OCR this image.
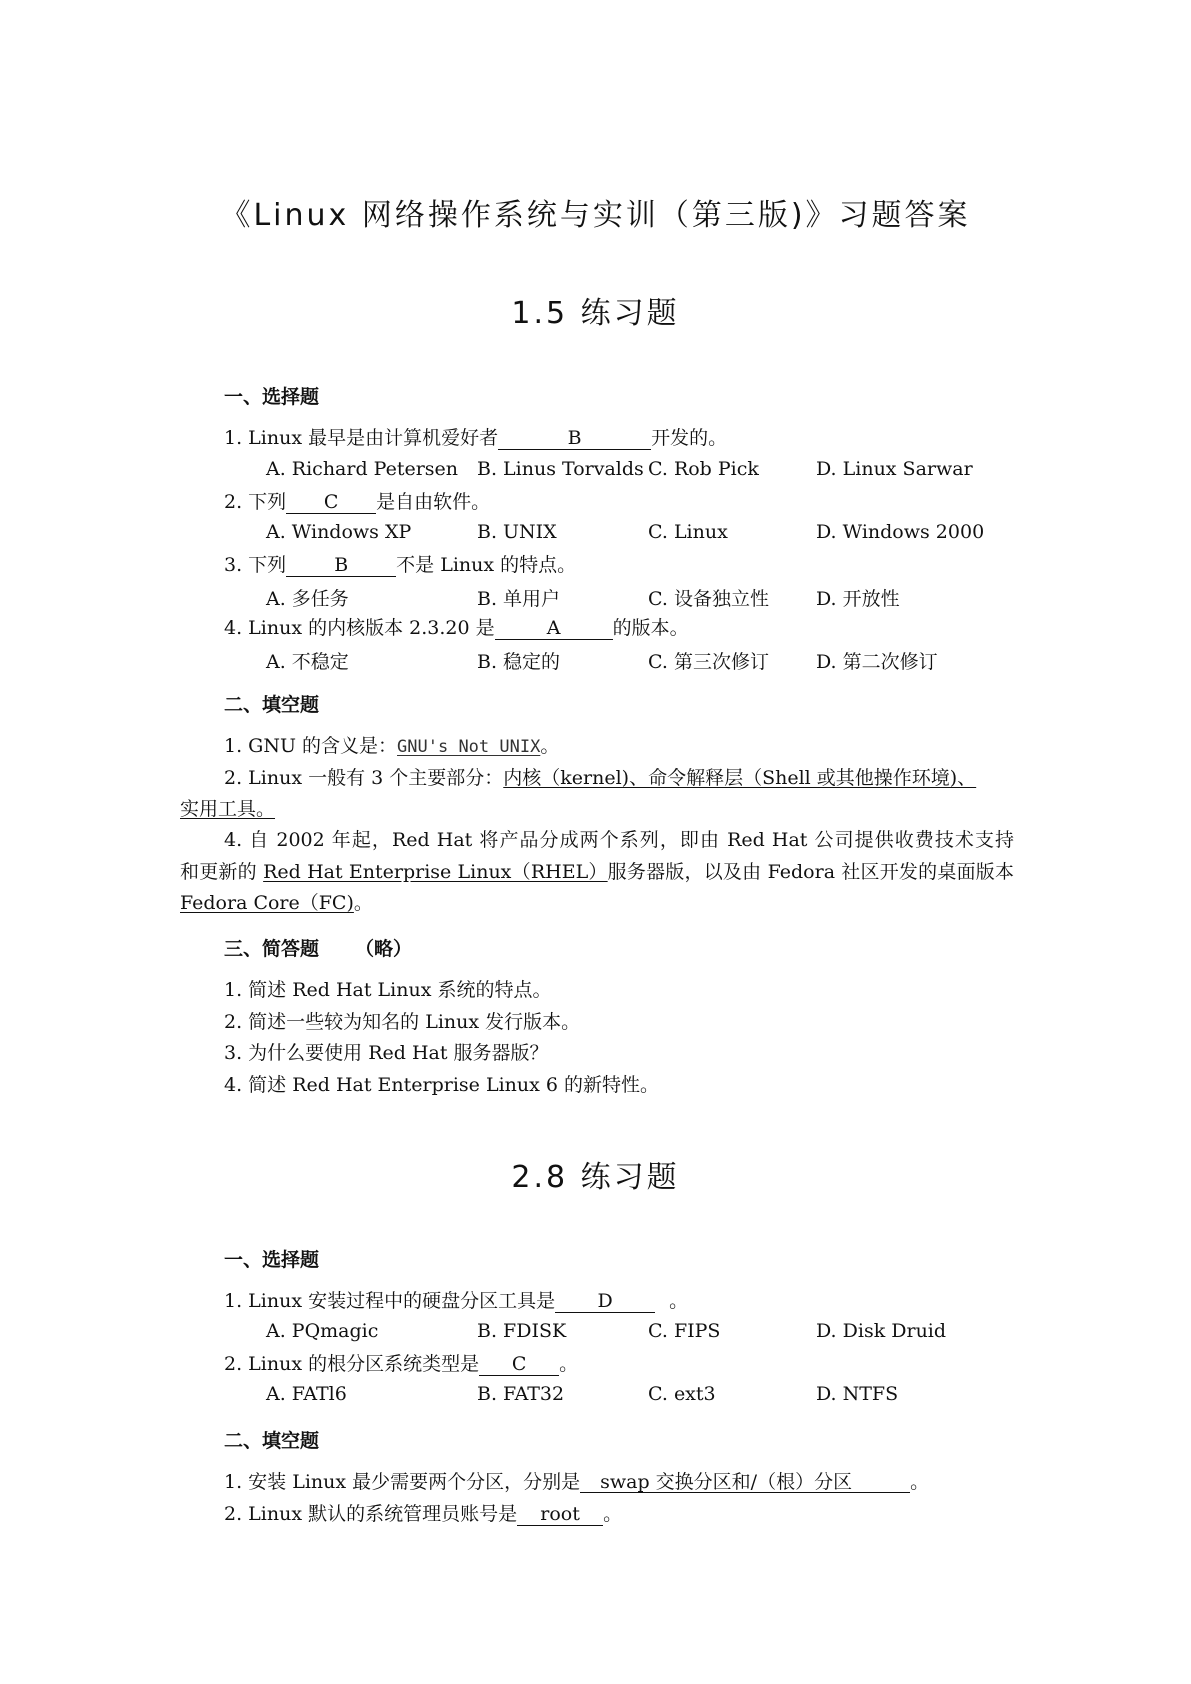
《Linux 网络操作系统与实训（第三版)》习题答案
1.5 练习题
一、选择题
1. Linux 最早是由计算机爱好者	B	开发的。
A. Richard Petersen B. Linus Torvalds C. Rob Pick	D. Linux Sarwar
2. 下列 C 是自由软件。
A. Windows XP	B. UNIX	C. Linux	D. Windows 2000
3. 下列	B	不是 Linux 的特点。
A. 多任务	B. 单用户	C. 设备独立性 D. 开放性
4. Linux 的内核版本 2.3.20 是	A	的版本。
A. 不稳定	B. 稳定的	C. 第三次修订 D. 第二次修订
二、填空题
1. GNU 的含义是：GNU's Not UNIX。
2. Linux 一般有 3 个主要部分：内核（kernel)、命令解释层（Shell 或其他操作环境)、
实用工具。
4. 自 2002 年起，Red Hat 将产品分成两个系列，即由 Red Hat 公司提供收费技术支持
和更新的 Red Hat Enterprise Linux（RHEL）服务器版，以及由 Fedora 社区开发的桌面版本
Fedora Core（FC)。
三、简答题 （略）
1. 简述 Red Hat Linux 系统的特点。
2. 简述一些较为知名的 Linux 发行版本。
3. 为什么要使用 Red Hat 服务器版？
4. 简述 Red Hat Enterprise Linux 6 的新特性。
2.8 练习题
一、选择题
1. Linux 安装过程中的硬盘分区工具是 D	。
A. PQmagic	B. FDISK	C. FIPS	D. Disk Druid
2. Linux 的根分区系统类型是 C 。
A. FATl6	B. FAT32	C. ext3	D. NTFS
二、填空题
1. 安装 Linux 最少需要两个分区，分别是 swap 交换分区和/（根）分区	。
2. Linux 默认的系统管理员账号是 root 。
